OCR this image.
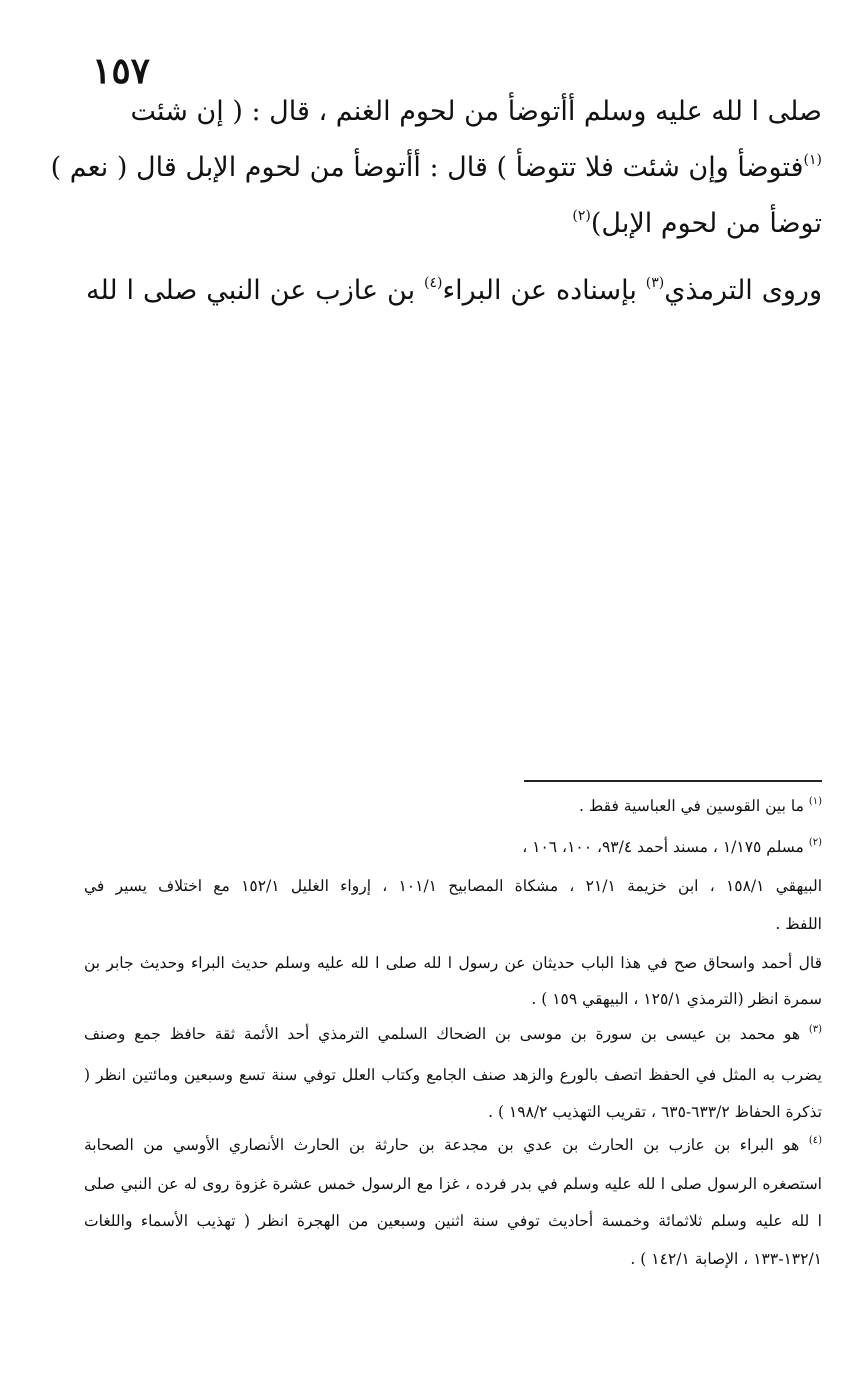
١٥٧
صلى ا لله عليه وسلم أأتوضأ من لحوم الغنم ، قال : ( إن شئت
$^{(١)}$فتوضأ وإن شئت فلا تتوضأ ) قال : أأتوضأ من لحوم الإبل قال ( نعم )
توضأ من لحوم الإبل)$^{(٢)}$
وروى الترمذي$^{(٣)}$ بإسناده عن البراء$^{(٤)}$ بن عازب عن النبي صلى ا لله
$^{(١)}$ ما بين القوسين في العباسية فقط .
$^{(٢)}$ مسلم ١/١٧٥ ، مسند أحمد ٩٣/٤، ١٠٠، ١٠٦ ،
البيهقي ١٥٨/١ ، ابن خزيمة ٢١/١ ، مشكاة المصابيح ١٠١/١ ، إرواء الغليل ١٥٢/١ مع اختلاف يسير في
اللفظ .
قال أحمد واسحاق صح في هذا الباب حديثان عن رسول ا لله صلى ا لله عليه وسلم حديث البراء وحديث جابر بن
سمرة انظر (الترمذي ١٢٥/١ ، البيهقي ١٥٩ ) .
$^{(٣)}$ هو محمد بن عيسى بن سورة بن موسى بن الضحاك السلمي الترمذي أحد الأئمة ثقة حافظ جمع وصنف
يضرب به المثل في الحفظ اتصف بالورع والزهد صنف الجامع وكتاب العلل توفي سنة تسع وسبعين ومائتين انظر (
تذكرة الحفاظ ٦٣٣/٢-٦٣٥ ، تقريب التهذيب ١٩٨/٢ ) .
$^{(٤)}$ هو البراء بن عازب بن الحارث بن عدي بن مجدعة بن حارثة بن الحارث الأنصاري الأوسي من الصحابة
استصغره الرسول صلى ا لله عليه وسلم في بدر فرده ، غزا مع الرسول خمس عشرة غزوة روى له عن النبي صلى
ا لله عليه وسلم ثلاثمائة وخمسة أحاديث توفي سنة اثنين وسبعين من الهجرة انظر ( تهذيب الأسماء واللغات
١٣٢/١-١٣٣ ، الإصابة ١٤٢/١ ) .
